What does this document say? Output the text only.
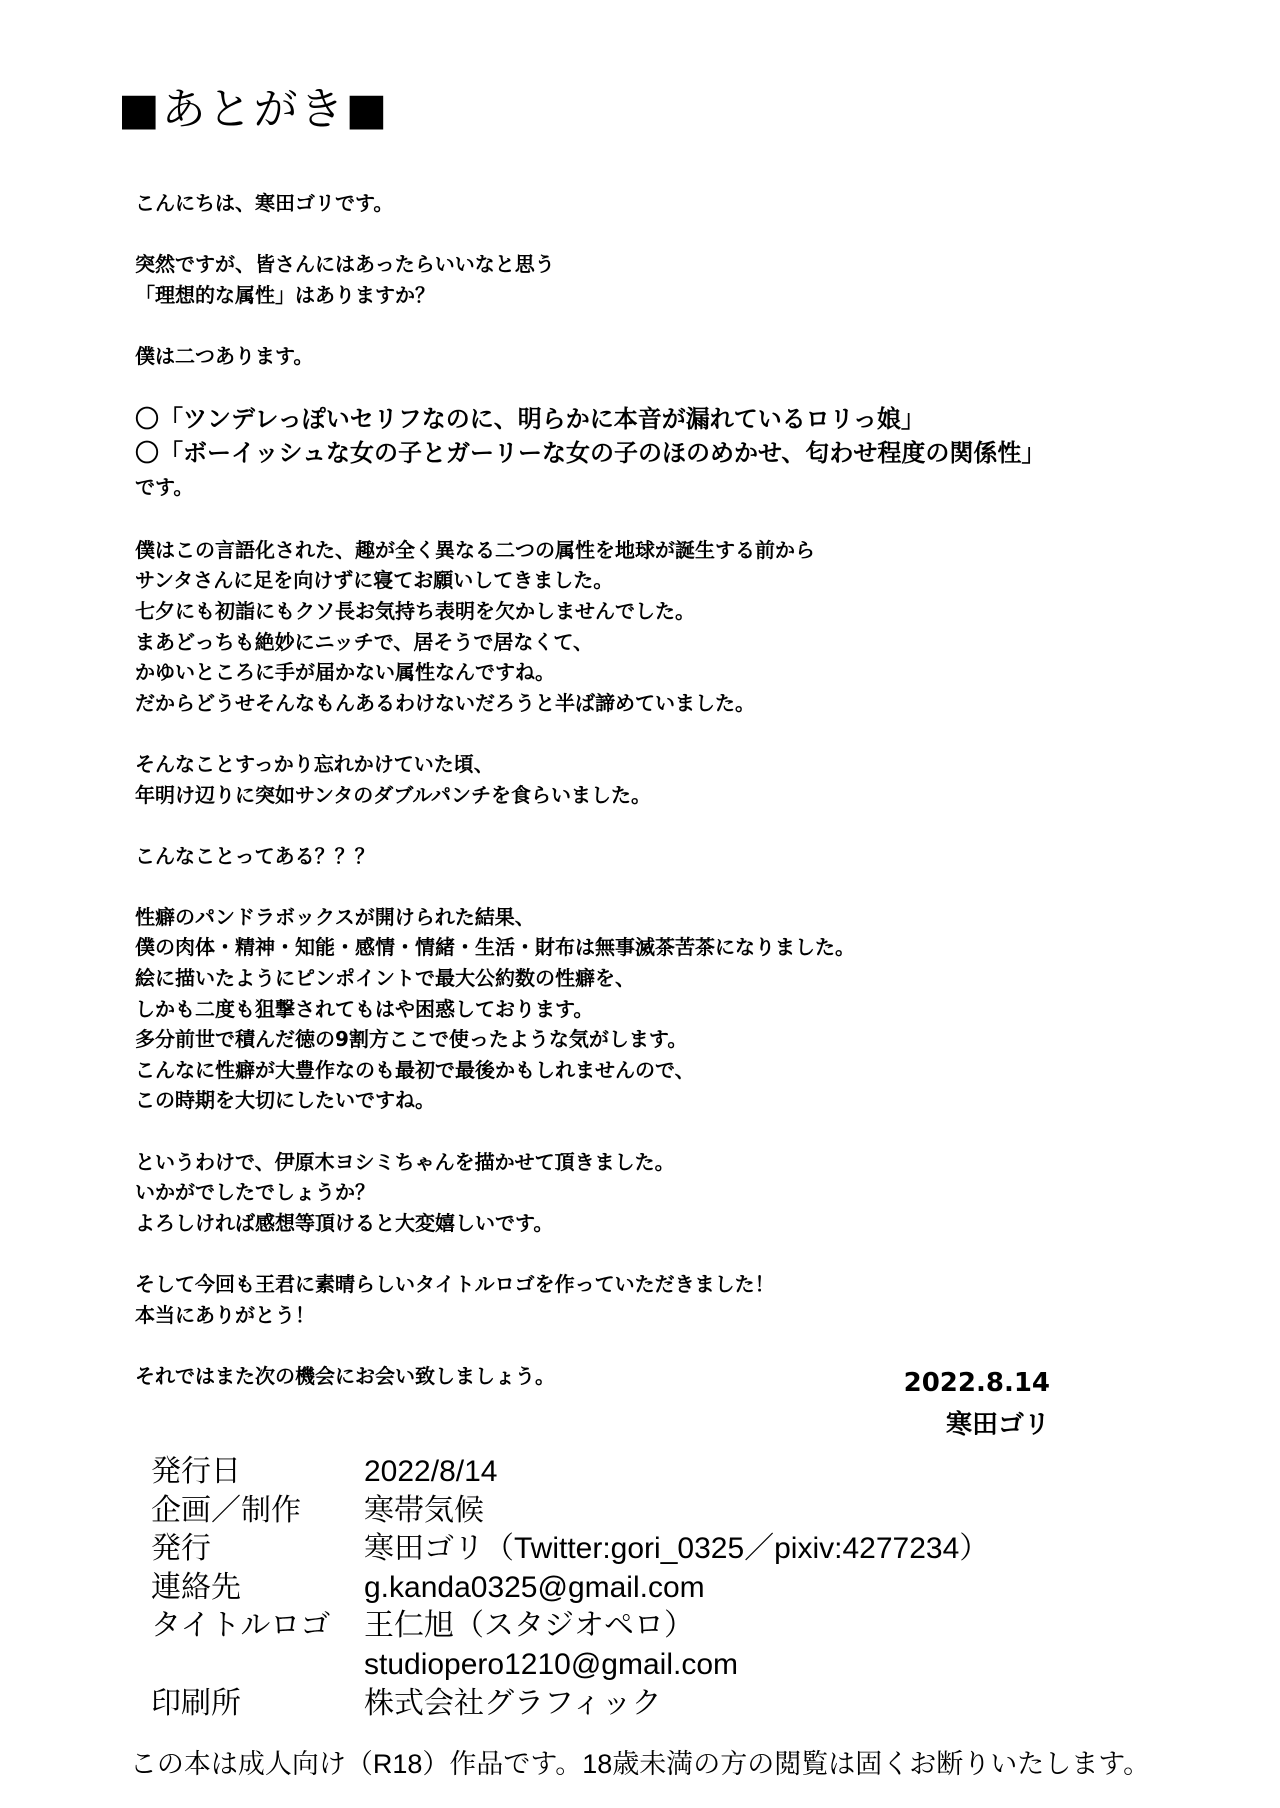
■あとがき■
こんにちは、寒田ゴリです。
突然ですが、皆さんにはあったらいいなと思う
「理想的な属性」はありますか？
僕は二つあります。
〇「ツンデレっぽいセリフなのに、明らかに本音が漏れているロリっ娘」
〇「ボーイッシュな女の子とガーリーな女の子のほのめかせ、匂わせ程度の関係性」
です。
僕はこの言語化された、趣が全く異なる二つの属性を地球が誕生する前から
サンタさんに足を向けずに寝てお願いしてきました。
七夕にも初詣にもクソ長お気持ち表明を欠かしませんでした。
まあどっちも絶妙にニッチで、居そうで居なくて、
かゆいところに手が届かない属性なんですね。
だからどうせそんなもんあるわけないだろうと半ば諦めていました。
そんなことすっかり忘れかけていた頃、
年明け辺りに突如サンタのダブルパンチを食らいました。
こんなことってある？？？
性癖のパンドラボックスが開けられた結果、
僕の肉体・精神・知能・感情・情緒・生活・財布は無事滅茶苦茶になりました。
絵に描いたようにピンポイントで最大公約数の性癖を、
しかも二度も狙撃されてもはや困惑しております。
多分前世で積んだ徳の9割方ここで使ったような気がします。
こんなに性癖が大豊作なのも最初で最後かもしれませんので、
この時期を大切にしたいですね。
というわけで、伊原木ヨシミちゃんを描かせて頂きました。
いかがでしたでしょうか？
よろしければ感想等頂けると大変嬉しいです。
そして今回も王君に素晴らしいタイトルロゴを作っていただきました！
本当にありがとう！
それではまた次の機会にお会い致しましょう。	2022.8.14
寒田ゴリ
発行日	2022/8/14
企画／制作	寒帯気候
発行	寒田ゴリ（Twitter:gori_0325／pixiv:4277234）
連絡先	g.kanda0325@gmail.com
タイトルロゴ	王仁旭（スタジオペロ）
studiopero1210@gmail.com
印刷所	株式会社グラフィック
この本は成人向け（R18）作品です。18歳未満の方の閲覧は固くお断りいたします。
